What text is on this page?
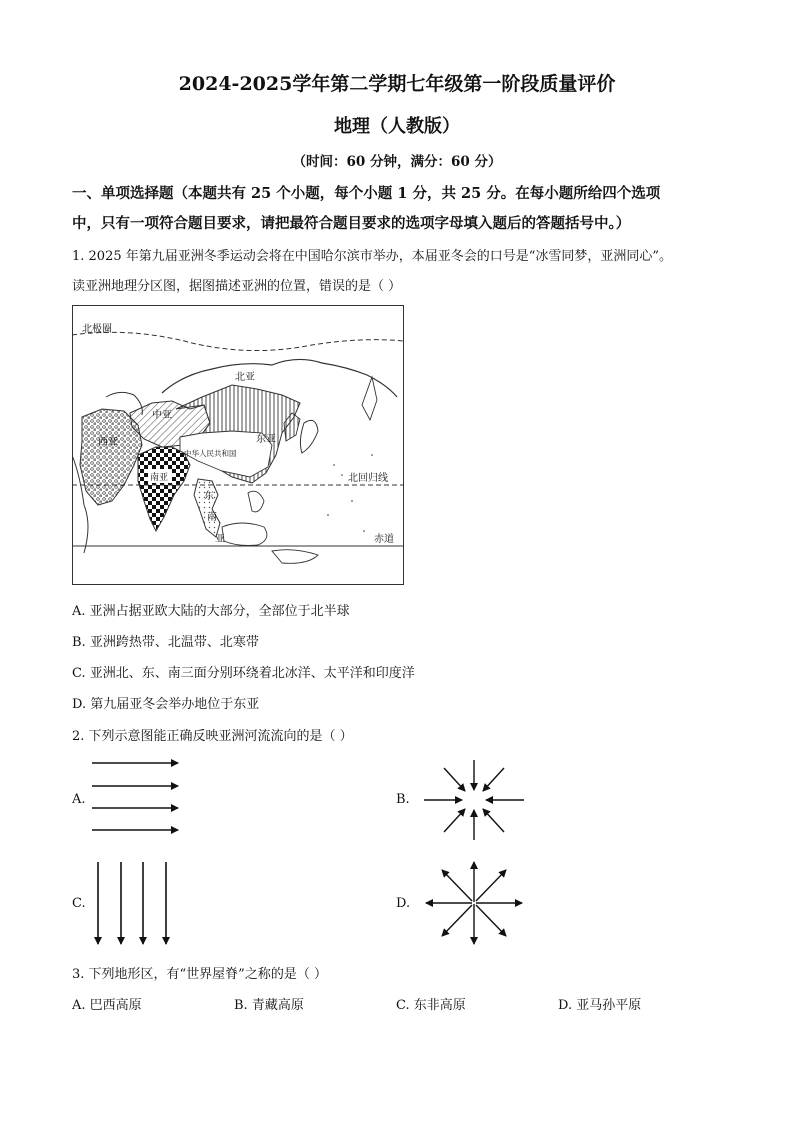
2024-2025学年第二学期七年级第一阶段质量评价
地理（人教版）
（时间：60 分钟，满分：60 分）
一、单项选择题（本题共有 25 个小题，每个小题 1 分，共 25 分。在每小题所给四个选项
中，只有一项符合题目要求，请把最符合题目要求的选项字母填入题后的答题括号中。）
1. 2025 年第九届亚洲冬季运动会将在中国哈尔滨市举办，本届亚冬会的口号是“冰雪同梦，亚洲同心”。
读亚洲地理分区图，据图描述亚洲的位置，错误的是（ ）
北极圈
北亚
中亚
西亚	东亚
中华人民共和国
南亚	北回归线
东
南
亚	赤道
A. 亚洲占据亚欧大陆的大部分，全部位于北半球
B. 亚洲跨热带、北温带、北寒带
C. 亚洲北、东、南三面分别环绕着北冰洋、太平洋和印度洋
D. 第九届亚冬会举办地位于东亚
2. 下列示意图能正确反映亚洲河流流向的是（ ）
A.	B.
C.	D.
3. 下列地形区，有“世界屋脊”之称的是（ ）
A. 巴西高原	B. 青藏高原	C. 东非高原	D. 亚马孙平原
